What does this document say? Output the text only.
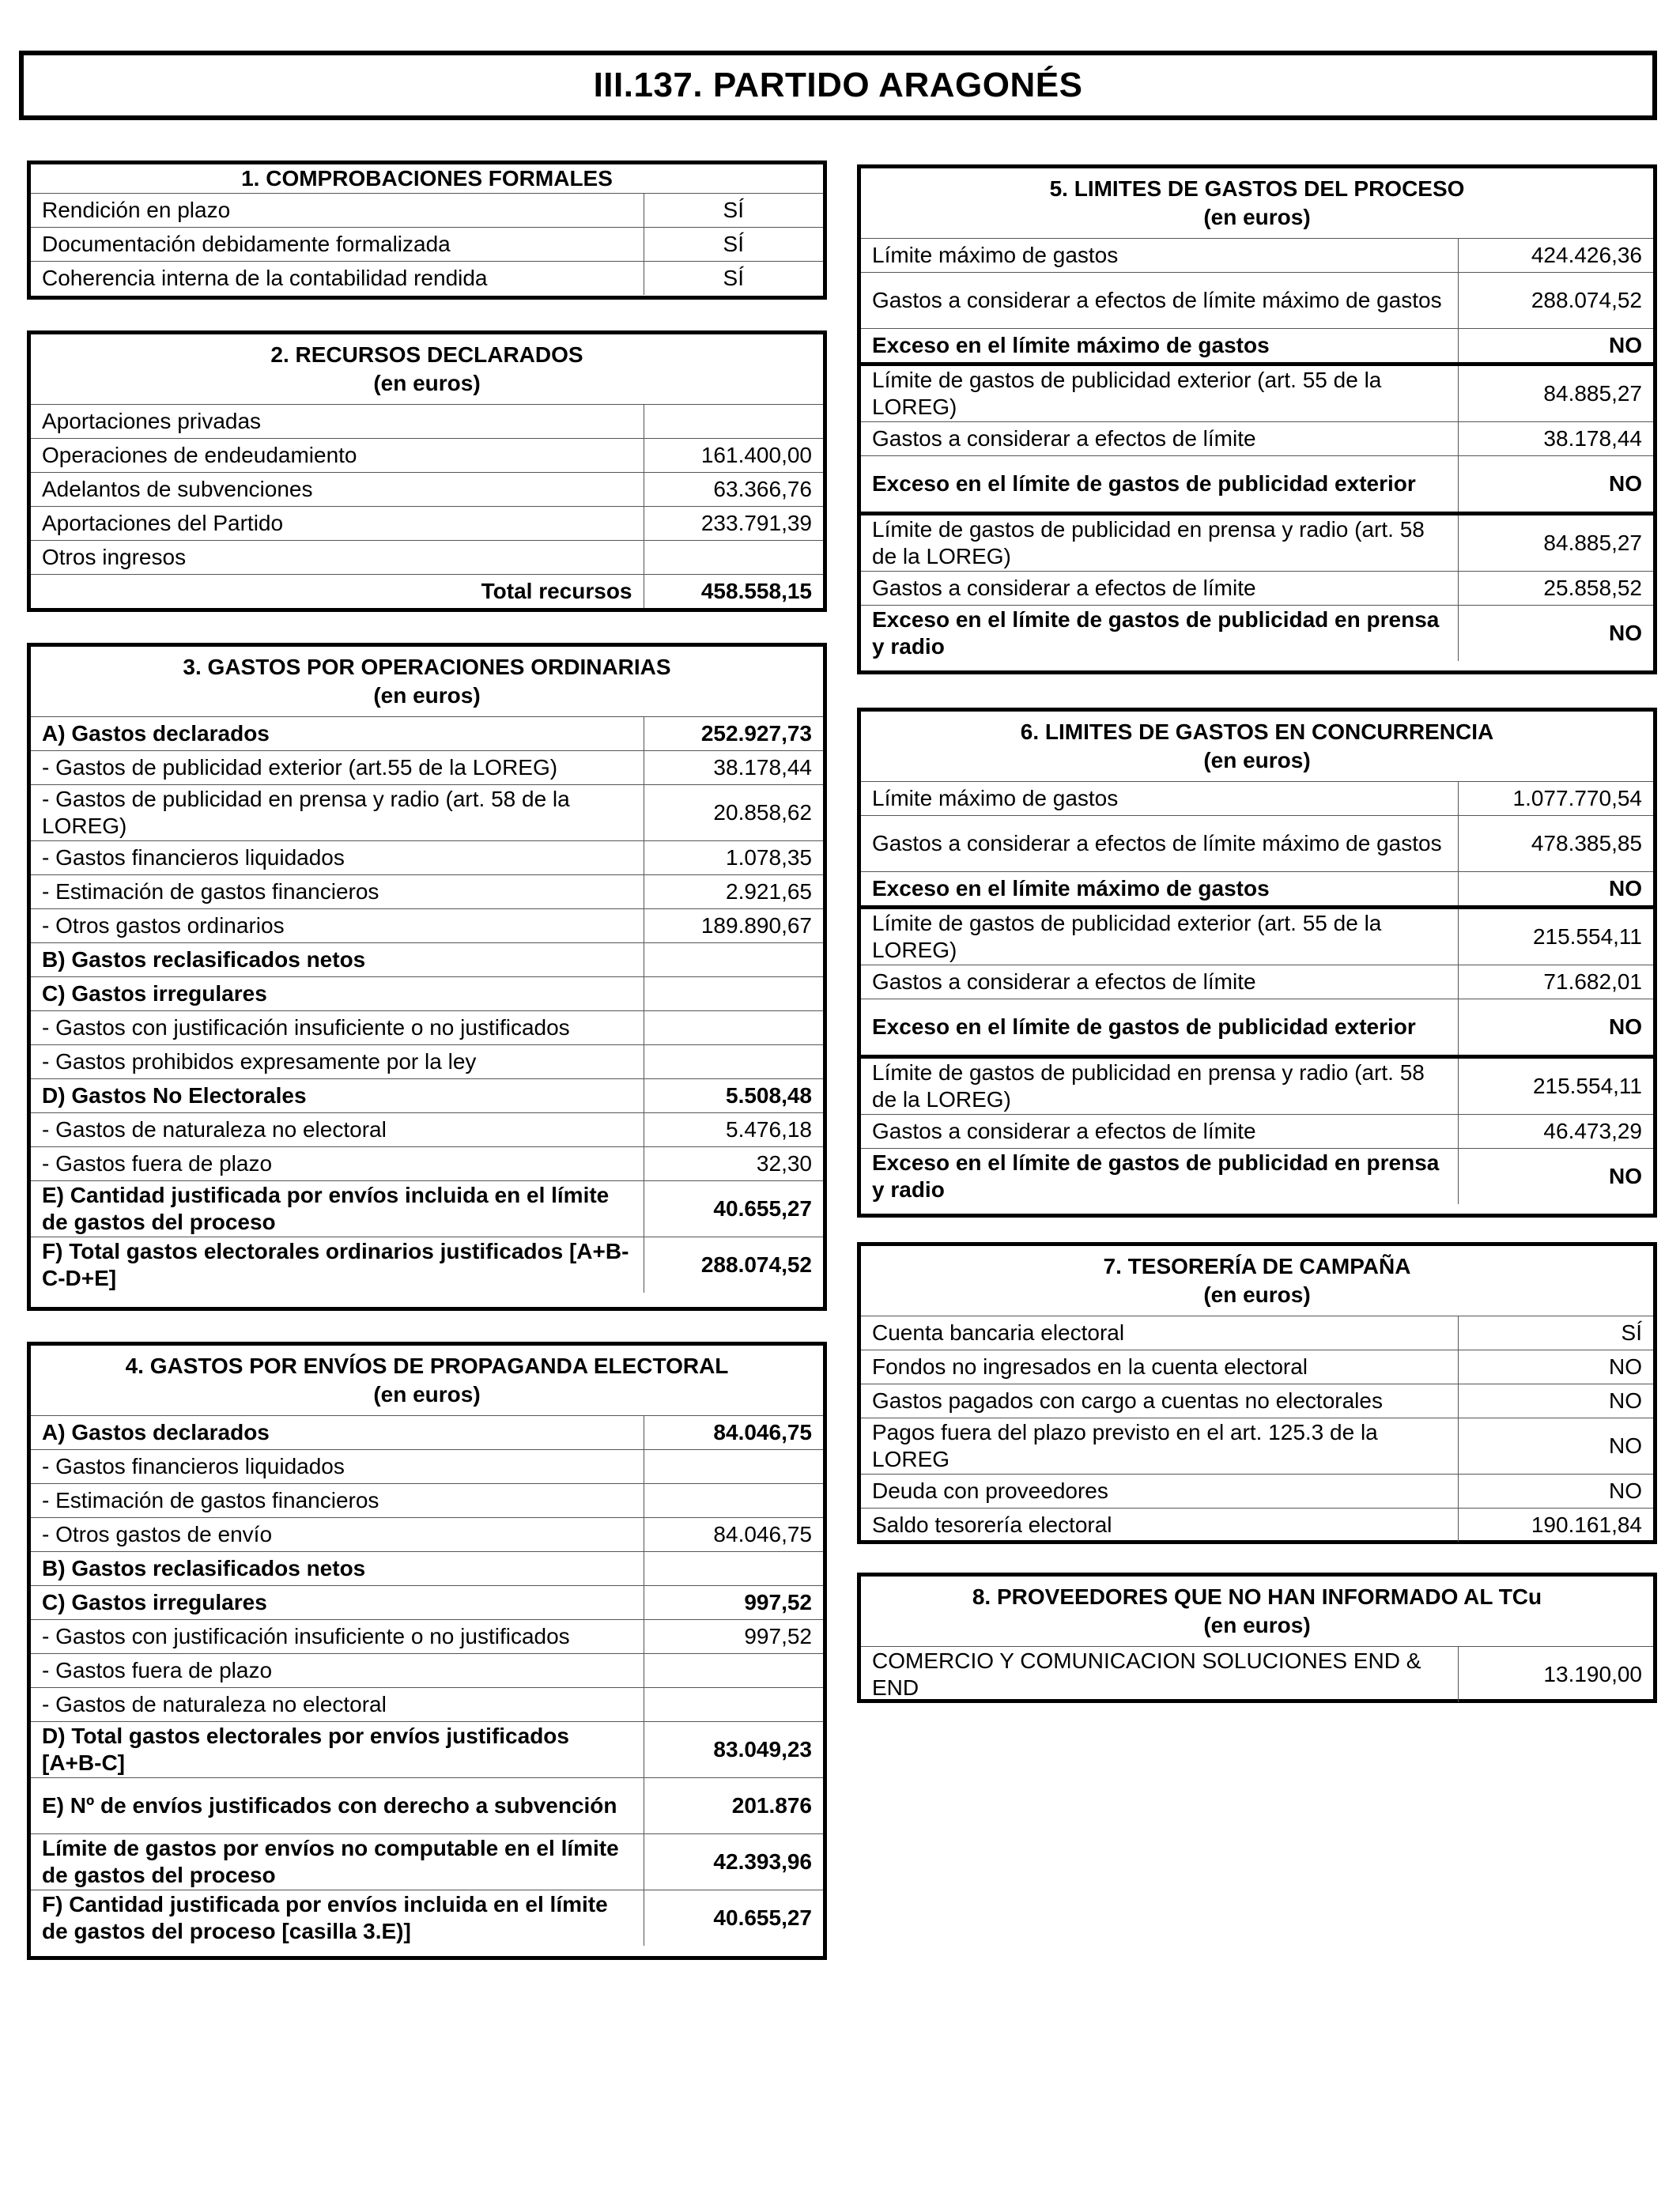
III.137. PARTIDO ARAGONÉS
1. COMPROBACIONES FORMALES	
Rendición en plazo	SÍ
Documentación debidamente formalizada	SÍ
Coherencia interna de la contabilidad rendida	SÍ
2. RECURSOS DECLARADOS
(en euros)	

Aportaciones privadas	
Operaciones de endeudamiento	161.400,00
Adelantos de subvenciones	63.366,76
Aportaciones del Partido	233.791,39
Otros ingresos	
Total recursos	458.558,15
3. GASTOS POR OPERACIONES ORDINARIAS
(en euros)	

A) Gastos declarados	252.927,73
- Gastos de publicidad exterior (art.55 de la LOREG)	38.178,44
- Gastos de publicidad en prensa y radio (art. 58 de la LOREG)	20.858,62
- Gastos financieros liquidados	1.078,35
- Estimación de gastos financieros	2.921,65
- Otros gastos ordinarios	189.890,67
B) Gastos reclasificados netos	
C) Gastos irregulares	
- Gastos con justificación insuficiente o no justificados	
- Gastos prohibidos expresamente por la ley	
D) Gastos No Electorales	5.508,48
- Gastos de naturaleza no electoral	5.476,18
- Gastos fuera de plazo	32,30
E) Cantidad justificada por envíos incluida en el límite de gastos del proceso	40.655,27
F) Total gastos electorales ordinarios justificados [A+B-C-D+E]	288.074,52
4. GASTOS POR ENVÍOS DE PROPAGANDA ELECTORAL
(en euros)	

A) Gastos declarados	84.046,75
- Gastos financieros liquidados	
- Estimación de gastos financieros	
- Otros gastos de envío	84.046,75
B) Gastos reclasificados netos	
C) Gastos irregulares	997,52
- Gastos con justificación insuficiente o no justificados	997,52
- Gastos fuera de plazo	
- Gastos de naturaleza no electoral	
D) Total gastos electorales por envíos justificados [A+B-C]	83.049,23
E) Nº de envíos justificados con derecho a subvención	201.876
Límite de gastos por envíos no computable en el límite de gastos del proceso	42.393,96
F) Cantidad justificada por envíos incluida en el límite de gastos del proceso [casilla 3.E)]	40.655,27
5. LIMITES DE GASTOS DEL PROCESO
(en euros)	

Límite máximo de gastos	424.426,36
Gastos a considerar a efectos de límite máximo de gastos	288.074,52
Exceso en el límite máximo de gastos	NO
Límite de gastos de publicidad exterior (art. 55 de la LOREG)	84.885,27
Gastos a considerar a efectos de límite	38.178,44
Exceso en el límite de gastos de publicidad exterior	NO
Límite de gastos de publicidad en prensa y radio (art. 58 de la LOREG)	84.885,27
Gastos a considerar a efectos de límite	25.858,52
Exceso en el límite de gastos de publicidad en prensa y radio	NO
6. LIMITES DE GASTOS EN CONCURRENCIA
(en euros)	

Límite máximo de gastos	1.077.770,54
Gastos a considerar a efectos de límite máximo de gastos	478.385,85
Exceso en el límite máximo de gastos	NO
Límite de gastos de publicidad exterior (art. 55 de la LOREG)	215.554,11
Gastos a considerar a efectos de límite	71.682,01
Exceso en el límite de gastos de publicidad exterior	NO
Límite de gastos de publicidad en prensa y radio (art. 58 de la LOREG)	215.554,11
Gastos a considerar a efectos de límite	46.473,29
Exceso en el límite de gastos de publicidad en prensa y radio	NO
7. TESORERÍA DE CAMPAÑA
(en euros)	

Cuenta bancaria electoral	SÍ
Fondos no ingresados en la cuenta electoral	NO
Gastos pagados con cargo a cuentas no electorales	NO
Pagos fuera del plazo previsto en el art. 125.3 de la LOREG	NO
Deuda con proveedores	NO
Saldo tesorería electoral	190.161,84
8. PROVEEDORES QUE NO HAN INFORMADO AL TCu
(en euros)

COMERCIO Y COMUNICACION SOLUCIONES END & END	13.190,00
